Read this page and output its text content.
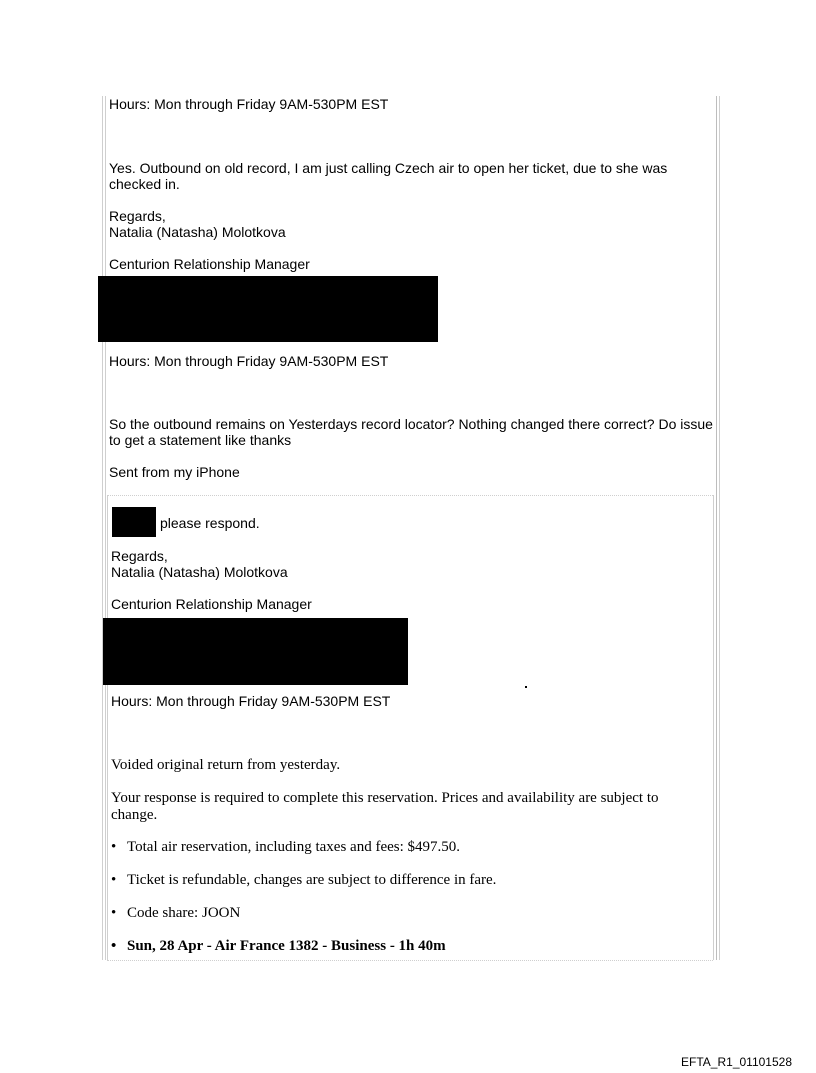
Hours: Mon through Friday 9AM-530PM EST

Yes. Outbound on old record, I am just calling Czech air to open her ticket, due to she was checked in.

Regards,

Natalia (Natasha) Molotkova

Centurion Relationship Manager

Hours: Mon through Friday 9AM-530PM EST

So the outbound remains on Yesterdays record locator? Nothing changed there correct? Do issue to get a statement like thanks

Sent from my iPhone

please respond.

Regards,

Natalia (Natasha) Molotkova

Centurion Relationship Manager

Hours: Mon through Friday 9AM-530PM EST

Voided original return from yesterday.

Your response is required to complete this reservation. Prices and availability are subject to change.

• Total air reservation, including taxes and fees: $497.50.
• Ticket is refundable, changes are subject to difference in fare.
• Code share: JOON
• Sun, 28 Apr - Air France 1382 - Business - 1h 40m
EFTA_R1_01101528
